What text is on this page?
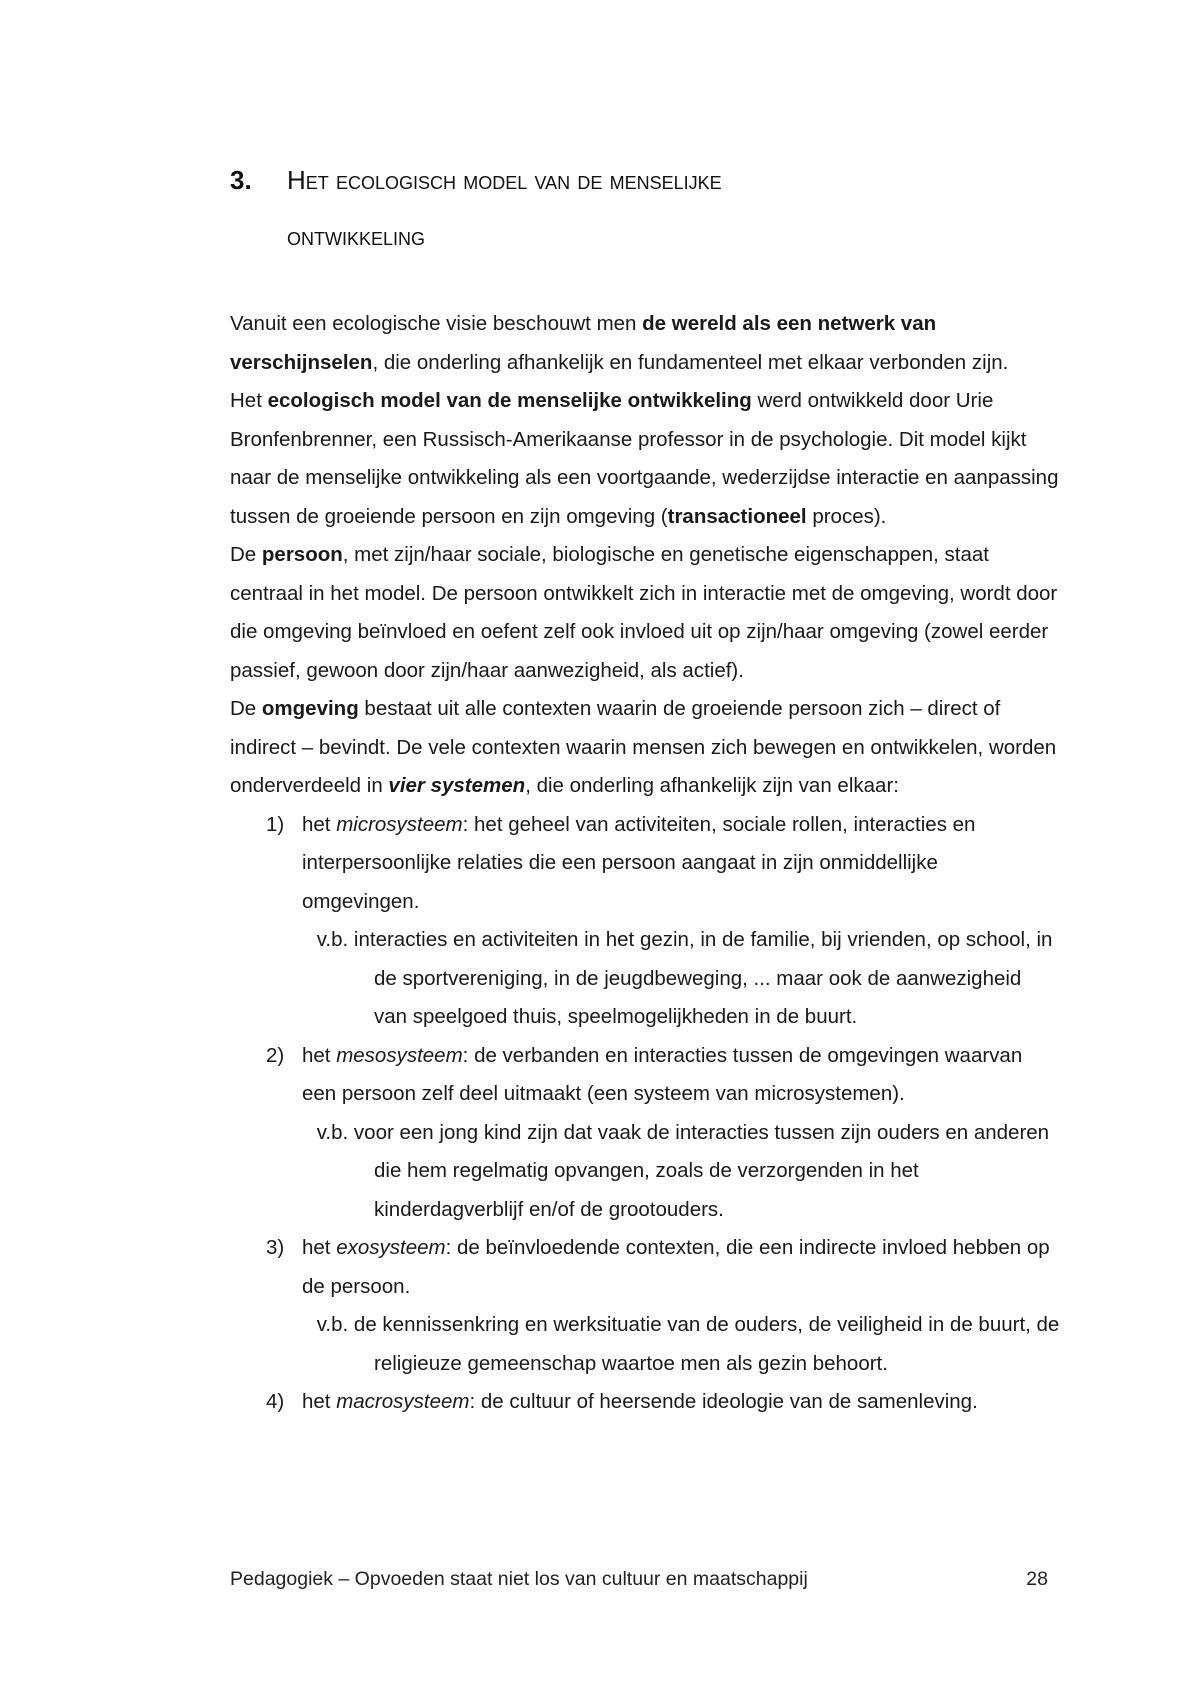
3. Het ecologisch model van de menselijke
ontwikkeling

Vanuit een ecologische visie beschouwt men de wereld als een netwerk van verschijnselen, die onderling afhankelijk en fundamenteel met elkaar verbonden zijn.

Het ecologisch model van de menselijke ontwikkeling werd ontwikkeld door Urie Bronfenbrenner, een Russisch-Amerikaanse professor in de psychologie. Dit model kijkt naar de menselijke ontwikkeling als een voortgaande, wederzijdse interactie en aanpassing tussen de groeiende persoon en zijn omgeving (transactioneel proces).

De persoon, met zijn/haar sociale, biologische en genetische eigenschappen, staat centraal in het model. De persoon ontwikkelt zich in interactie met de omgeving, wordt door die omgeving beïnvloed en oefent zelf ook invloed uit op zijn/haar omgeving (zowel eerder passief, gewoon door zijn/haar aanwezigheid, als actief).

De omgeving bestaat uit alle contexten waarin de groeiende persoon zich – direct of indirect – bevindt. De vele contexten waarin mensen zich bewegen en ontwikkelen, worden onderverdeeld in vier systemen, die onderling afhankelijk zijn van elkaar:

1) het microsysteem: het geheel van activiteiten, sociale rollen, interacties en interpersoonlijke relaties die een persoon aangaat in zijn onmiddellijke omgevingen.
v.b. interacties en activiteiten in het gezin, in de familie, bij vrienden, op school, in de sportvereniging, in de jeugdbeweging, ... maar ook de aanwezigheid van speelgoed thuis, speelmogelijkheden in de buurt.
2) het mesosysteem: de verbanden en interacties tussen de omgevingen waarvan een persoon zelf deel uitmaakt (een systeem van microsystemen).
v.b. voor een jong kind zijn dat vaak de interacties tussen zijn ouders en anderen die hem regelmatig opvangen, zoals de verzorgenden in het kinderdagverblijf en/of de grootouders.
3) het exosysteem: de beïnvloedende contexten, die een indirecte invloed hebben op de persoon.
v.b. de kennissenkring en werksituatie van de ouders, de veiligheid in de buurt, de religieuze gemeenschap waartoe men als gezin behoort.
4) het macrosysteem: de cultuur of heersende ideologie van de samenleving.
Pedagogiek – Opvoeden staat niet los van cultuur en maatschappij	28
